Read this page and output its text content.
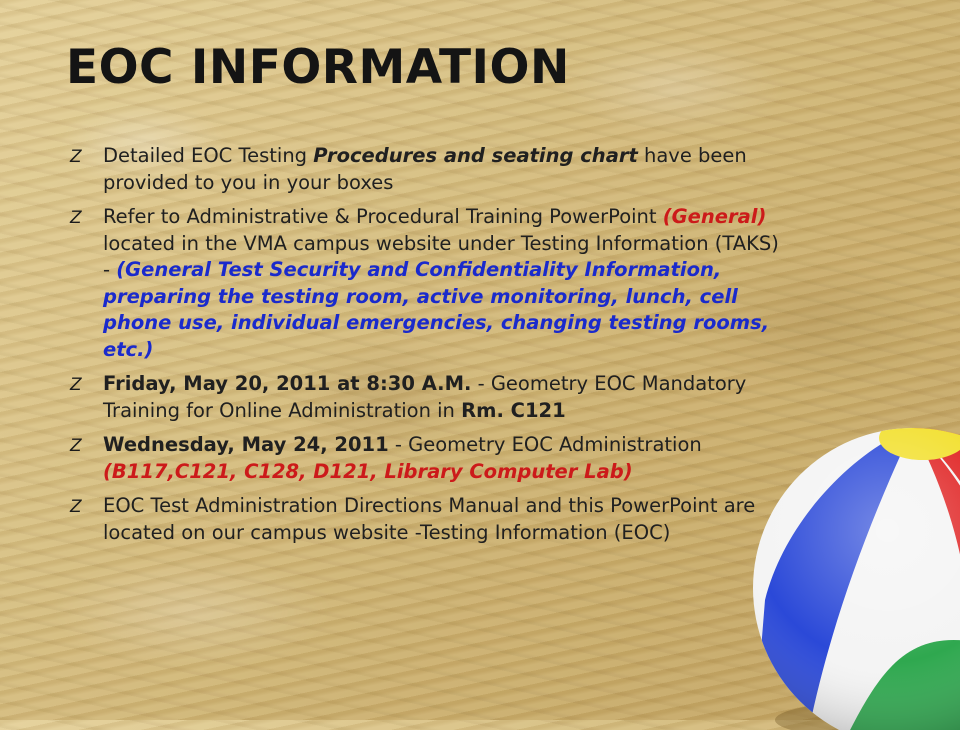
EOC INFORMATION
Z Detailed EOC Testing Procedures and seating chart have been provided to you in your boxes
Z Refer to Administrative & Procedural Training PowerPoint (General) located in the VMA campus website under Testing Information (TAKS) - (General Test Security and Confidentiality Information, preparing the testing room, active monitoring, lunch, cell phone use, individual emergencies, changing testing rooms, etc.)
Z Friday, May 20, 2011 at 8:30 A.M. - Geometry EOC Mandatory Training for Online Administration in Rm. C121
Z Wednesday, May 24, 2011 - Geometry EOC Administration (B117,C121, C128, D121, Library Computer Lab)
Z EOC Test Administration Directions Manual and this PowerPoint are located on our campus website -Testing Information (EOC)
